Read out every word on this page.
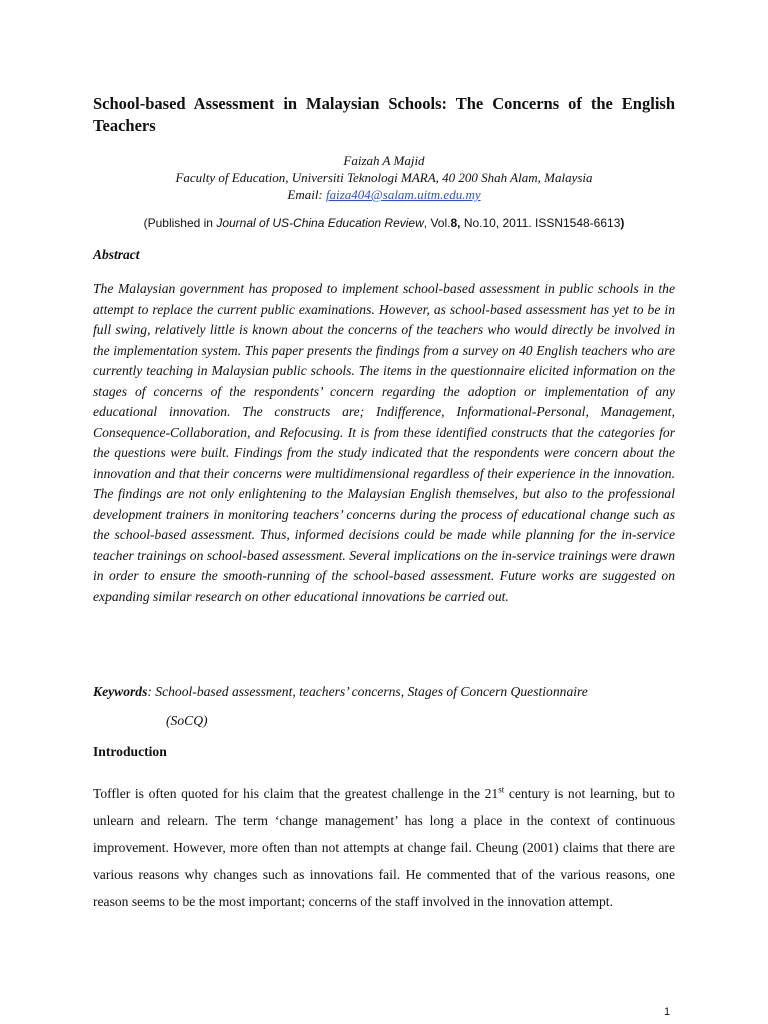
School-based Assessment in Malaysian Schools: The Concerns of the English Teachers
Faizah A Majid
Faculty of Education, Universiti Teknologi MARA, 40 200 Shah Alam, Malaysia
Email: faiza404@salam.uitm.edu.my
(Published in Journal of US-China Education Review, Vol.8, No.10, 2011. ISSN1548-6613)
Abstract

The Malaysian government has proposed to implement school-based assessment in public schools in the attempt to replace the current public examinations. However, as school-based assessment has yet to be in full swing, relatively little is known about the concerns of the teachers who would directly be involved in the implementation system. This paper presents the findings from a survey on 40 English teachers who are currently teaching in Malaysian public schools. The items in the questionnaire elicited information on the stages of concerns of the respondents’ concern regarding the adoption or implementation of any educational innovation. The constructs are; Indifference, Informational-Personal, Management, Consequence-Collaboration, and Refocusing. It is from these identified constructs that the categories for the questions were built. Findings from the study indicated that the respondents were concern about the innovation and that their concerns were multidimensional regardless of their experience in the innovation. The findings are not only enlightening to the Malaysian English themselves, but also to the professional development trainers in monitoring teachers’ concerns during the process of educational change such as the school-based assessment. Thus, informed decisions could be made while planning for the in-service teacher trainings on school-based assessment. Several implications on the in-service trainings were drawn in order to ensure the smooth-running of the school-based assessment. Future works are suggested on expanding similar research on other educational innovations be carried out.

Keywords: School-based assessment, teachers’ concerns, Stages of Concern Questionnaire

(SoCQ)

Introduction

Toffler is often quoted for his claim that the greatest challenge in the 21st century is not learning, but to unlearn and relearn. The term ‘change management’ has long a place in the context of continuous improvement. However, more often than not attempts at change fail. Cheung (2001) claims that there are various reasons why changes such as innovations fail. He commented that of the various reasons, one reason seems to be the most important; concerns of the staff involved in the innovation attempt.

1
